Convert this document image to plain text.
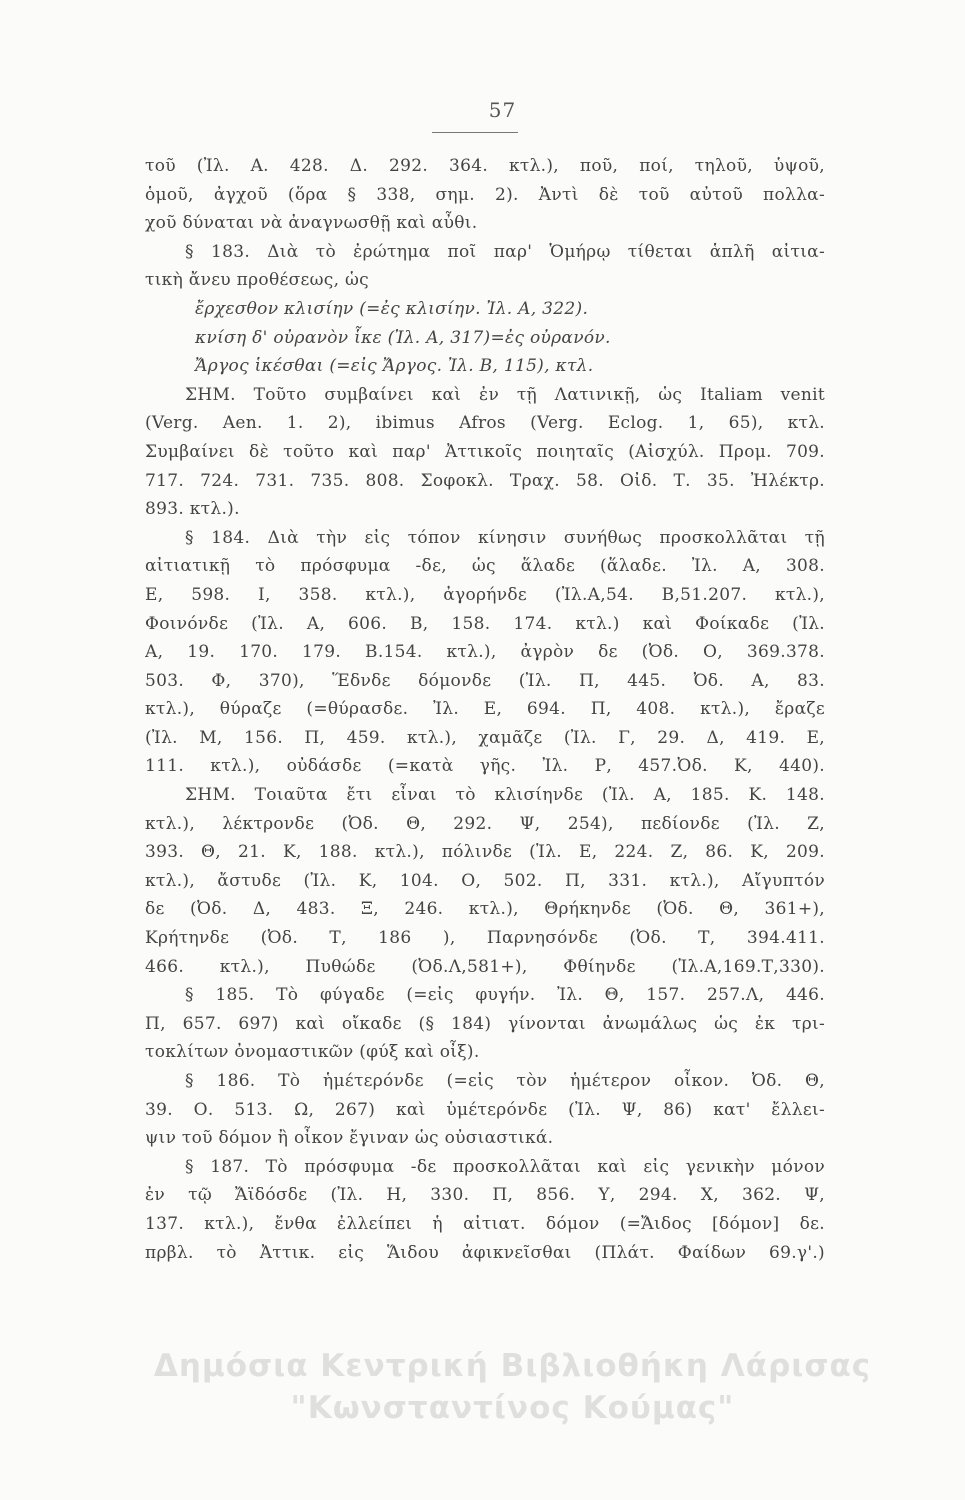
57
τοῦ (Ἰλ. Α. 428. Δ. 292. 364. κτλ.), ποῦ, ποί, τηλοῦ, ὑψοῦ,
ὁμοῦ, ἀγχοῦ (ὅρα § 338, σημ. 2). Ἀντὶ δὲ τοῦ αὐτοῦ πολλα-
χοῦ δύναται νὰ ἀναγνωσθῇ καὶ αὖθι.
§ 183. Διὰ τὸ ἐρώτημα ποῖ παρ' Ὁμήρῳ τίθεται ἁπλῆ αἰτια-
τικὴ ἄνευ προθέσεως, ὡς
ἔρχεσθον κλισίην (=ἐς κλισίην. Ἰλ. Α, 322).
κνίση δ' οὐρανὸν ἷκε (Ἰλ. Α, 317)=ἐς οὐρανόν.
Ἄργος ἱκέσθαι (=εἰς Ἄργος. Ἰλ. Β, 115), κτλ.
ΣΗΜ. Τοῦτο συμβαίνει καὶ ἐν τῇ Λατινικῇ, ὡς Italiam venit
(Verg. Aen. 1. 2), ibimus Afros (Verg. Eclog. 1, 65), κτλ.
Συμβαίνει δὲ τοῦτο καὶ παρ' Ἀττικοῖς ποιηταῖς (Αἰσχύλ. Προμ. 709.
717. 724. 731. 735. 808. Σοφοκλ. Τραχ. 58. Οἰδ. Τ. 35. Ἠλέκτρ.
893. κτλ.).
§ 184. Διὰ τὴν εἰς τόπον κίνησιν συνήθως προσκολλᾶται τῇ
αἰτιατικῇ τὸ πρόσφυμα -δε, ὡς ἅλαδε (ἅλαδε. Ἰλ. Α, 308.
Ε, 598. Ι, 358. κτλ.), ἀγορήνδε (Ἰλ.Α,54. Β,51.207. κτλ.),
Φοινόνδε (Ἰλ. Α, 606. Β, 158. 174. κτλ.) καὶ Φοίκαδε (Ἰλ.
Α, 19. 170. 179. Β.154. κτλ.), ἀγρὸν δε (Ὀδ. Ο, 369.378.
503. Φ, 370), Ἕδνδε δόμονδε (Ἰλ. Π, 445. Ὀδ. Α, 83.
κτλ.), θύραζε (=θύρασδε. Ἰλ. Ε, 694. Π, 408. κτλ.), ἔραζε
(Ἰλ. Μ, 156. Π, 459. κτλ.), χαμᾶζε (Ἰλ. Γ, 29. Δ, 419. Ε,
111. κτλ.), οὐδάσδε (=κατὰ γῆς. Ἰλ. Ρ, 457.Ὀδ. Κ, 440).
ΣΗΜ. Τοιαῦτα ἔτι εἶναι τὸ κλισίηνδε (Ἰλ. Α, 185. Κ. 148.
κτλ.), λέκτρονδε (Ὀδ. Θ, 292. Ψ, 254), πεδίονδε (Ἰλ. Ζ,
393. Θ, 21. Κ, 188. κτλ.), πόλινδε (Ἰλ. Ε, 224. Ζ, 86. Κ, 209.
κτλ.), ἄστυδε (Ἰλ. Κ, 104. Ο, 502. Π, 331. κτλ.), Αἴγυπτόν
δε (Ὀδ. Δ, 483. Ξ, 246. κτλ.), Θρήκηνδε (Ὀδ. Θ, 361+),
Κρήτηνδε (Ὀδ. Τ, 186 ), Παρνησόνδε (Ὀδ. Τ, 394.411.
466. κτλ.), Πυθώδε (Ὀδ.Λ,581+), Φθίηνδε (Ἰλ.Α,169.Τ,330).
§ 185. Τὸ φύγαδε (=εἰς φυγήν. Ἰλ. Θ, 157. 257.Λ, 446.
Π, 657. 697) καὶ οἴκαδε (§ 184) γίνονται ἀνωμάλως ὡς ἐκ τρι-
τοκλίτων ὀνομαστικῶν (φύξ καὶ οἶξ).
§ 186. Τὸ ἡμέτερόνδε (=εἰς τὸν ἡμέτερον οἶκον. Ὀδ. Θ,
39. Ο. 513. Ω, 267) καὶ ὑμέτερόνδε (Ἰλ. Ψ, 86) κατ' ἔλλει-
ψιν τοῦ δόμον ἢ οἶκον ἔγιναν ὡς οὐσιαστικά.
§ 187. Τὸ πρόσφυμα -δε προσκολλᾶται καὶ εἰς γενικὴν μόνον
ἐν τῷ Ἄϊδόσδε (Ἰλ. Η, 330. Π, 856. Υ, 294. Χ, 362. Ψ,
137. κτλ.), ἔνθα ἐλλείπει ἡ αἰτιατ. δόμον (=Ἄιδος [δόμον] δε.
πρβλ. τὸ Ἀττικ. εἰς Ἅιδου ἀφικνεῖσθαι (Πλάτ. Φαίδων 69.γ'.)
Δημόσια Κεντρική Βιβλιοθήκη Λάρισας
"Κωνσταντίνος Κούμας"
